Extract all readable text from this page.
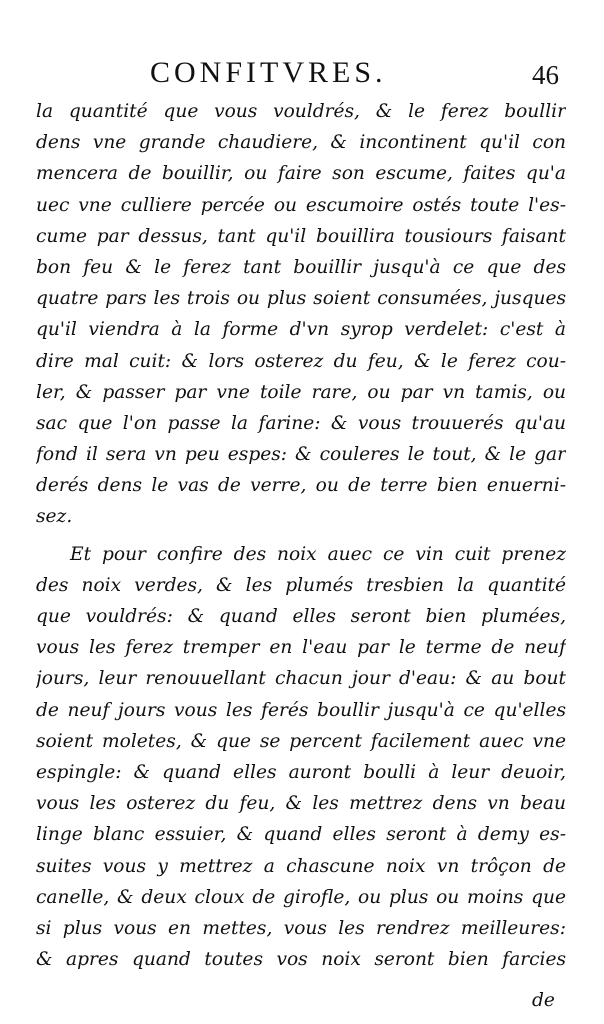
CONFITVRES.	46
la quantité que vous vouldrés, & le ferez boullir
dens vne grande chaudiere, & incontinent qu'il con
mencera de bouillir, ou faire son escume, faites qu'a
uec vne culliere percée ou escumoire ostés toute l'es-
cume par dessus, tant qu'il bouillira tousiours faisant
bon feu & le ferez tant bouillir jusqu'à ce que des
quatre pars les trois ou plus soient consumées, jusques
qu'il viendra à la forme d'vn syrop verdelet: c'est à
dire mal cuit: & lors osterez du feu, & le ferez cou-
ler, & passer par vne toile rare, ou par vn tamis, ou
sac que l'on passe la farine: & vous trouuerés qu'au
fond il sera vn peu espes: & couleres le tout, & le gar
derés dens le vas de verre, ou de terre bien enuerni-
sez.
Et pour confire des noix auec ce vin cuit prenez
des noix verdes, & les plumés tresbien la quantité
que vouldrés: & quand elles seront bien plumées,
vous les ferez tremper en l'eau par le terme de neuf
jours, leur renouuellant chacun jour d'eau: & au bout
de neuf jours vous les ferés boullir jusqu'à ce qu'elles
soient moletes, & que se percent facilement auec vne
espingle: & quand elles auront boulli à leur deuoir,
vous les osterez du feu, & les mettrez dens vn beau
linge blanc essuier, & quand elles seront à demy es-
suites vous y mettrez a chascune noix vn trôçon de
canelle, & deux cloux de girofle, ou plus ou moins que
si plus vous en mettes, vous les rendrez meilleures:
& apres quand toutes vos noix seront bien farcies
de
